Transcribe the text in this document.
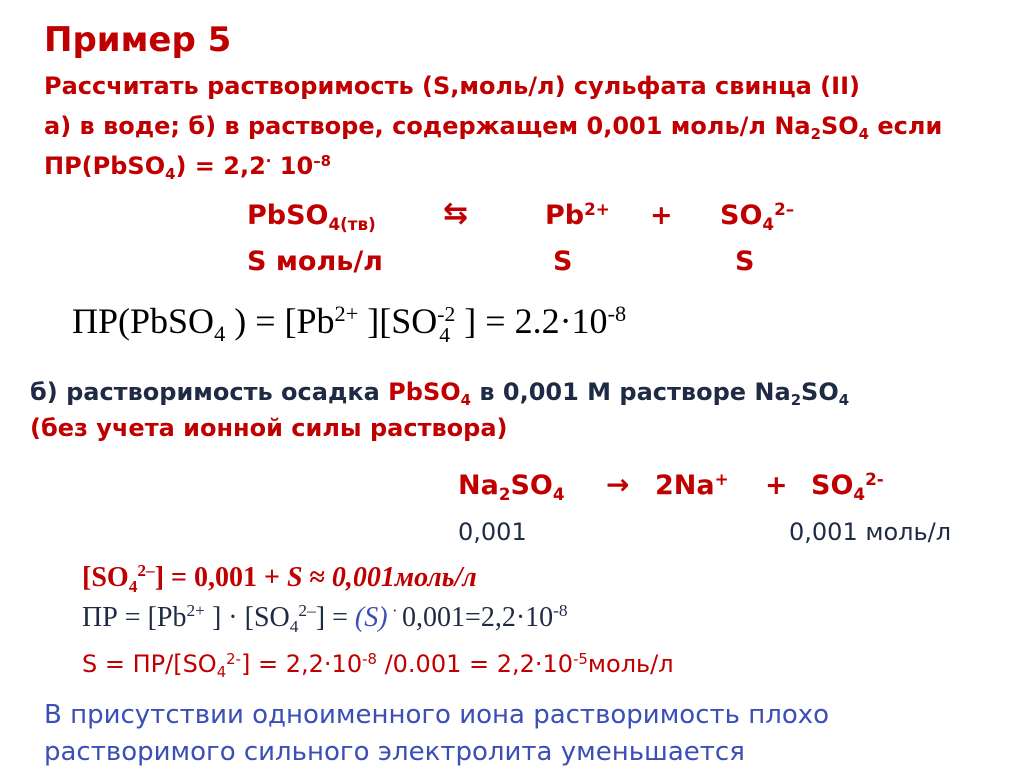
Пример 5
Рассчитать растворимость (S,моль/л) сульфата свинца (II)
а) в воде; б) в растворе, содержащем 0,001 моль/л $Na_2SO_4$ если
ПР(PbSO$_4$) = 2,2· $10^{-8}$
PbSO$_{4(тв)}$ ⇆	$Pb^{2+} + SO_4^{2-}$
S моль/л	S	S
ПР(PbSO$_4$ ) = [$Pb^{2+}$ ][SO -2
4 ] = $2.2\cdot 10^{-8}$
б) растворимость осадка PbSO$_4$ в 0,001 М растворе $Na_2SO_4$
(без учета ионной силы раствора)
$Na_2SO_4 \to 2Na^+ + SO_4^{2-}$
0,001	0,001 моль/л
$[SO_4^{2-}] = 0,001 + S$ ≈ 0,001моль/л
ПР = [$Pb^{2+}$ ] · $[SO_4^{2-}] = (S)$ · $0,001=2,2\cdot 10^{-8}$
$S = ПР/[SO_4^{2-}] = 2,2\cdot 10^{-8}$ $/0.001 = 2,2\cdot 10^{-5}моль/л$
В присутствии одноименного иона растворимость плохо
растворимого сильного электролита уменьшается
